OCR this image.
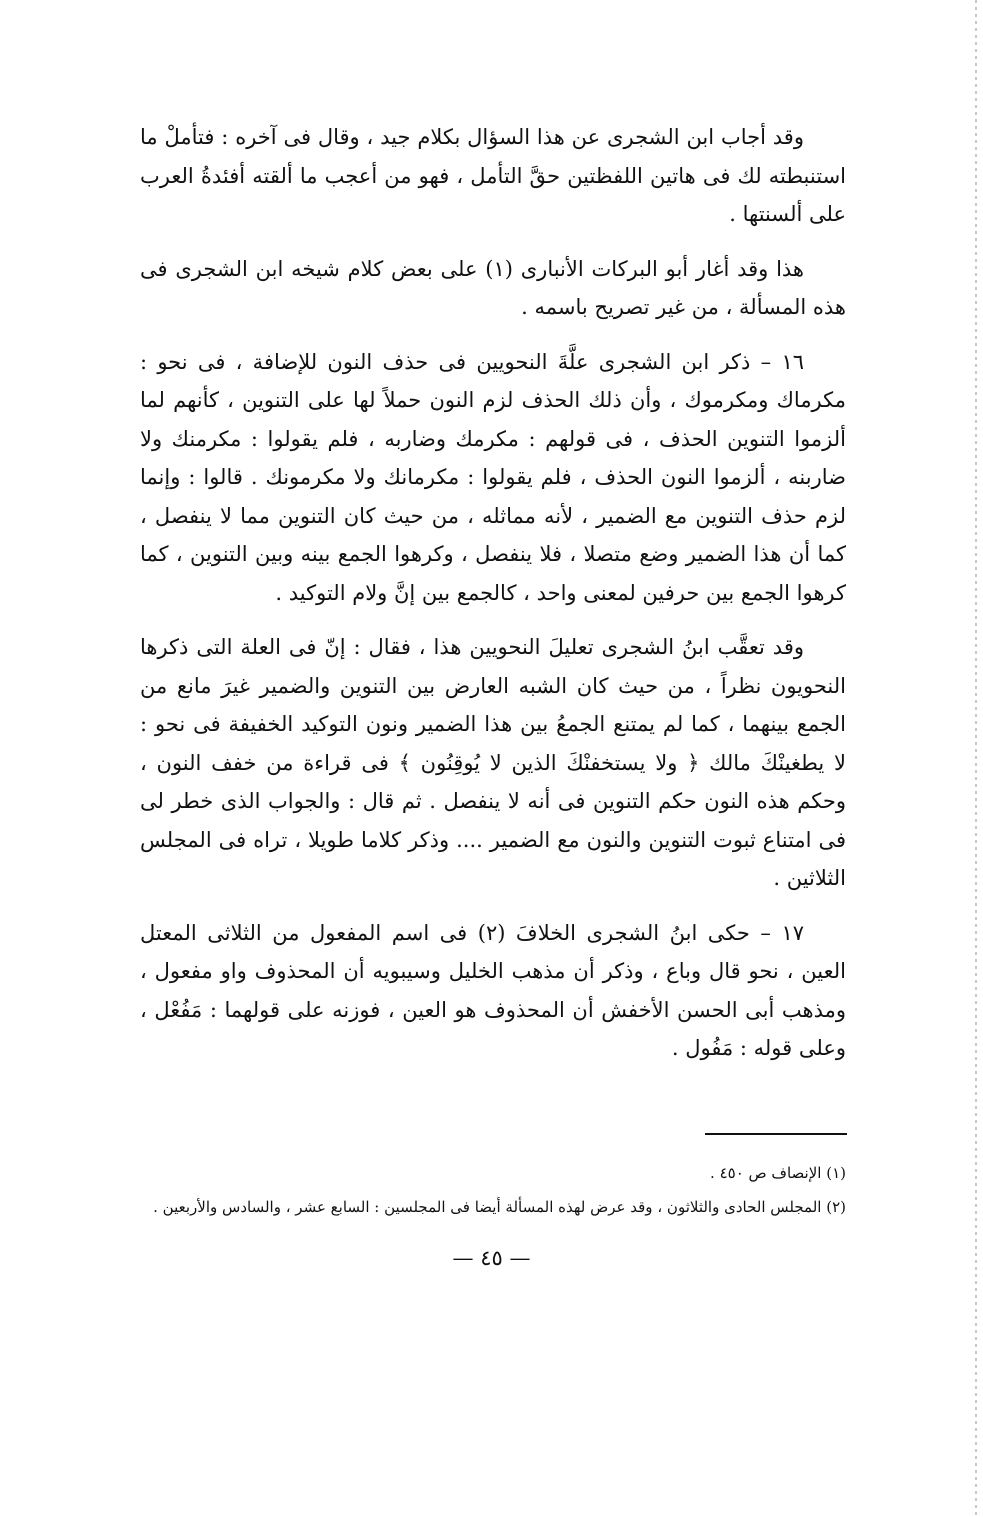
وقد أجاب ابن الشجرى عن هذا السؤال بكلام جيد ، وقال فى آخره : فتأملْ ما استنبطته لك فى هاتين اللفظتين حقَّ التأمل ، فهو من أعجب ما ألقته أفئدةُ العرب على ألسنتها .

هذا وقد أغار أبو البركات الأنبارى (١) على بعض كلام شيخه ابن الشجرى فى هذه المسألة ، من غير تصريح باسمه .

١٦ – ذكر ابن الشجرى علَّةَ النحويين فى حذف النون للإضافة ، فى نحو : مكرماك ومكرموك ، وأن ذلك الحذف لزم النون حملاً لها على التنوين ، كأنهم لما ألزموا التنوين الحذف ، فى قولهم : مكرمك وضاربه ، فلم يقولوا : مكرمنك ولا ضاربنه ، ألزموا النون الحذف ، فلم يقولوا : مكرمانك ولا مكرمونك . قالوا : وإنما لزم حذف التنوين مع الضمير ، لأنه مماثله ، من حيث كان التنوين مما لا ينفصل ، كما أن هذا الضمير وضع متصلا ، فلا ينفصل ، وكرهوا الجمع بينه وبين التنوين ، كما كرهوا الجمع بين حرفين لمعنى واحد ، كالجمع بين إنَّ ولام التوكيد .

وقد تعقَّب ابنُ الشجرى تعليلَ النحويين هذا ، فقال : إنّ فى العلة التى ذكرها النحويون نظراً ، من حيث كان الشبه العارض بين التنوين والضمير غيرَ مانع من الجمع بينهما ، كما لم يمتنع الجمعُ بين هذا الضمير ونون التوكيد الخفيفة فى نحو : لا يطغينْكَ مالك ﴿ ولا يستخفنْكَ الذين لا يُوقِنُون ﴾ فى قراءة من خفف النون ، وحكم هذه النون حكم التنوين فى أنه لا ينفصل . ثم قال : والجواب الذى خطر لى فى امتناع ثبوت التنوين والنون مع الضمير .... وذكر كلاما طويلا ، تراه فى المجلس الثلاثين .

١٧ – حكى ابنُ الشجرى الخلافَ (٢) فى اسم المفعول من الثلاثى المعتل العين ، نحو قال وباع ، وذكر أن مذهب الخليل وسيبويه أن المحذوف واو مفعول ، ومذهب أبى الحسن الأخفش أن المحذوف هو العين ، فوزنه على قولهما : مَفُعْل ، وعلى قوله : مَفُول .

(١) الإنصاف ص ٤٥٠ .

(٢) المجلس الحادى والثلاثون ، وقد عرض لهذه المسألة أيضا فى المجلسين : السابع عشر ، والسادس والأربعين .

— ٤٥ —
